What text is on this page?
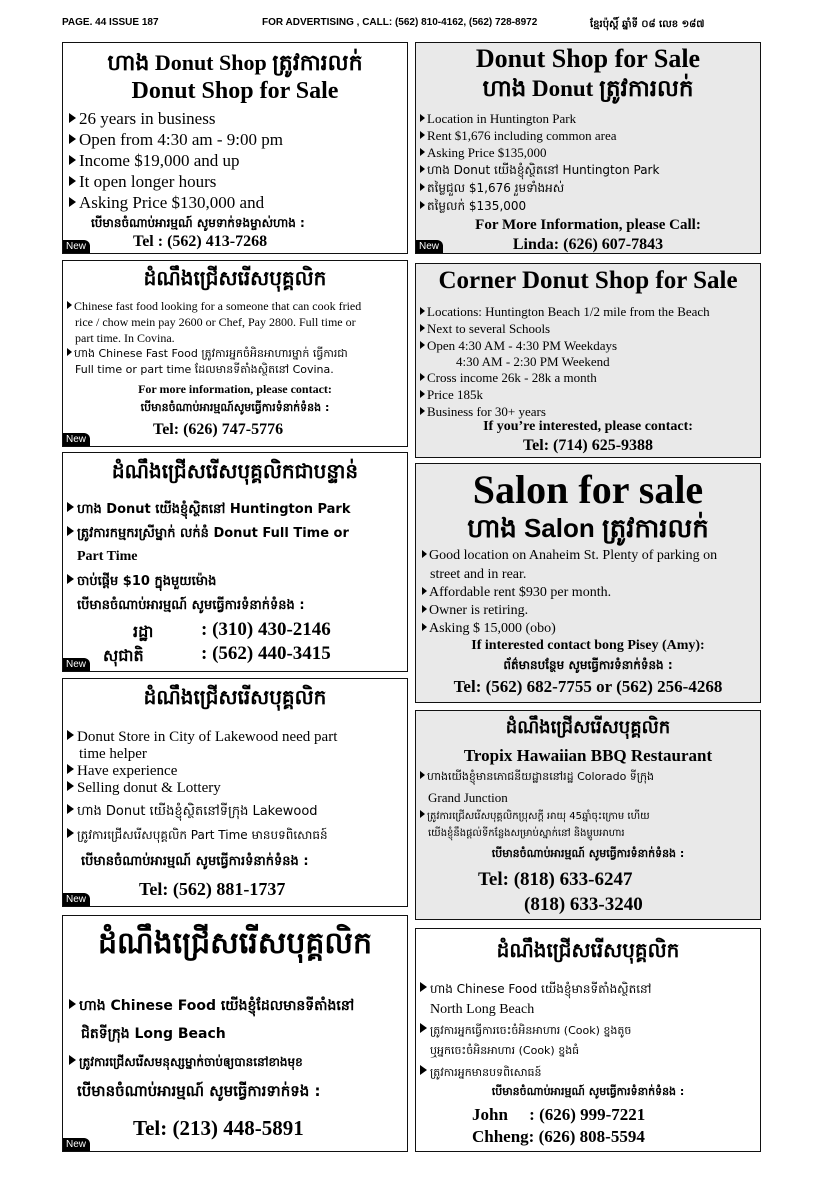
PAGE. 44 ISSUE 187	FOR ADVERTISING , CALL: (562) 810-4162, (562) 728-8972	ខ្មែរប៉ុស្ដិ៍ ឆ្នាំទី ០៨ លេខ ១៨៧
ហាង Donut Shop ត្រូវការលក់
Donut Shop for Sale
26 years in business
Open from 4:30 am - 9:00 pm
Income $19,000 and up
It open longer hours
Asking Price $130,000 and
បើមានចំណាប់អារម្មណ៍ សូមទាក់ទងម្ចាស់ហាង :
Tel : (562) 413-7268
New
Donut Shop for Sale
ហាង Donut ត្រូវការលក់
Location in Huntington Park
Rent $1,676 including common area
Asking Price $135,000
ហាង Donut យើងខ្ញុំស្ថិតនៅ Huntington Park
តម្លៃជួល $1,676 រួមទាំងអស់
តម្លៃលក់ $135,000
For More Information, please Call:
Linda: (626) 607-7843
New
ដំណឹងជ្រើសរើសបុគ្គលិក
Chinese fast food looking for a someone that can cook fried
rice / chow mein pay 2600 or Chef, Pay 2800. Full time or
part time. In Covina.
ហាង Chinese Fast Food ត្រូវការអ្នកចំអិនអាហារម្នាក់ ធ្វើការជា
Full time or part time ដែលមានទីតាំងស្ថិតនៅ Covina.
For more information, please contact:
បើមានចំណាប់អារម្មណ៍សូមធ្វើការទំនាក់ទំនង :
Tel: (626) 747-5776
New
Corner Donut Shop for Sale
Locations: Huntington Beach 1/2 mile from the Beach
Next to several Schools
Open 4:30 AM - 4:30 PM Weekdays
4:30 AM - 2:30 PM Weekend
Cross income 26k - 28k a month
Price 185k
Business for 30+ years
If you’re interested, please contact:
Tel: (714) 625-9388
ដំណឹងជ្រើសរើសបុគ្គលិកជាបន្ទាន់
ហាង Donut យើងខ្ញុំស្ថិតនៅ Huntington Park
ត្រូវការកម្មករស្រីម្នាក់ លក់នំ Donut Full Time or
Part Time
ចាប់ផ្ដើម $10 ក្នុងមួយម៉ោង
បើមានចំណាប់អារម្មណ៍ សូមធ្វើការទំនាក់ទំនង :
រដ្ឋា	: (310) 430-2146
សុជាតិ	: (562) 440-3415
New
Salon for sale
ហាង Salon ត្រូវការលក់
Good location on Anaheim St. Plenty of parking on
street and in rear.
Affordable rent $930 per month.
Owner is retiring.
Asking $ 15,000 (obo)
If interested contact bong Pisey (Amy):
ព័ត៌មានបន្ថែម សូមធ្វើការទំនាក់ទំនង :
Tel: (562) 682-7755 or (562) 256-4268
ដំណឹងជ្រើសរើសបុគ្គលិក
Donut Store in City of Lakewood need part
time helper
Have experience
Selling donut & Lottery
ហាង Donut យើងខ្ញុំស្ថិតនៅទីក្រុង Lakewood
ត្រូវការជ្រើសរើសបុគ្គលិក Part Time មានបទពិសោធន៍
បើមានចំណាប់អារម្មណ៍ សូមធ្វើការទំនាក់ទំនង :
Tel: (562) 881-1737
New
ដំណឹងជ្រើសរើសបុគ្គលិក
Tropix Hawaiian BBQ Restaurant
ហាងយើងខ្ញុំមានភោជនីយដ្ឋាននៅរដ្ឋ Colorado ទីក្រុង
Grand Junction
ត្រូវការជ្រើសរើសបុគ្គលិកប្រុសក្ដី អាយុ 45ឆ្នាំចុះក្រោម ហើយ
យើងខ្ញុំនឹងផ្ដល់ទីកន្លែងសម្រាប់ស្នាក់នៅ និងម្ហូបអាហារ
បើមានចំណាប់អារម្មណ៍ សូមធ្វើការទំនាក់ទំនង :
Tel: (818) 633-6247
(818) 633-3240
ដំណឹងជ្រើសរើសបុគ្គលិក
ហាង Chinese Food យើងខ្ញុំដែលមានទីតាំងនៅ
ជិតទីក្រុង Long Beach
ត្រូវការជ្រើសរើសមនុស្សម្នាក់ចាប់ឲ្យបាននៅខាងមុខ
បើមានចំណាប់អារម្មណ៍ សូមធ្វើការទាក់ទង :
Tel: (213) 448-5891
New
ដំណឹងជ្រើសរើសបុគ្គលិក
ហាង Chinese Food យើងខ្ញុំមានទីតាំងស្ថិតនៅ
North Long Beach
ត្រូវការអ្នកធ្វើការចេះចំអិនអាហារ (Cook) ខ្នងតូច
ឬអ្នកចេះចំអិនអាហារ (Cook) ខ្នងធំ
ត្រូវការអ្នកមានបទពិសោធន៍
បើមានចំណាប់អារម្មណ៍ សូមធ្វើការទំនាក់ទំនង :
John     : (626) 999-7221
Chheng: (626) 808-5594
